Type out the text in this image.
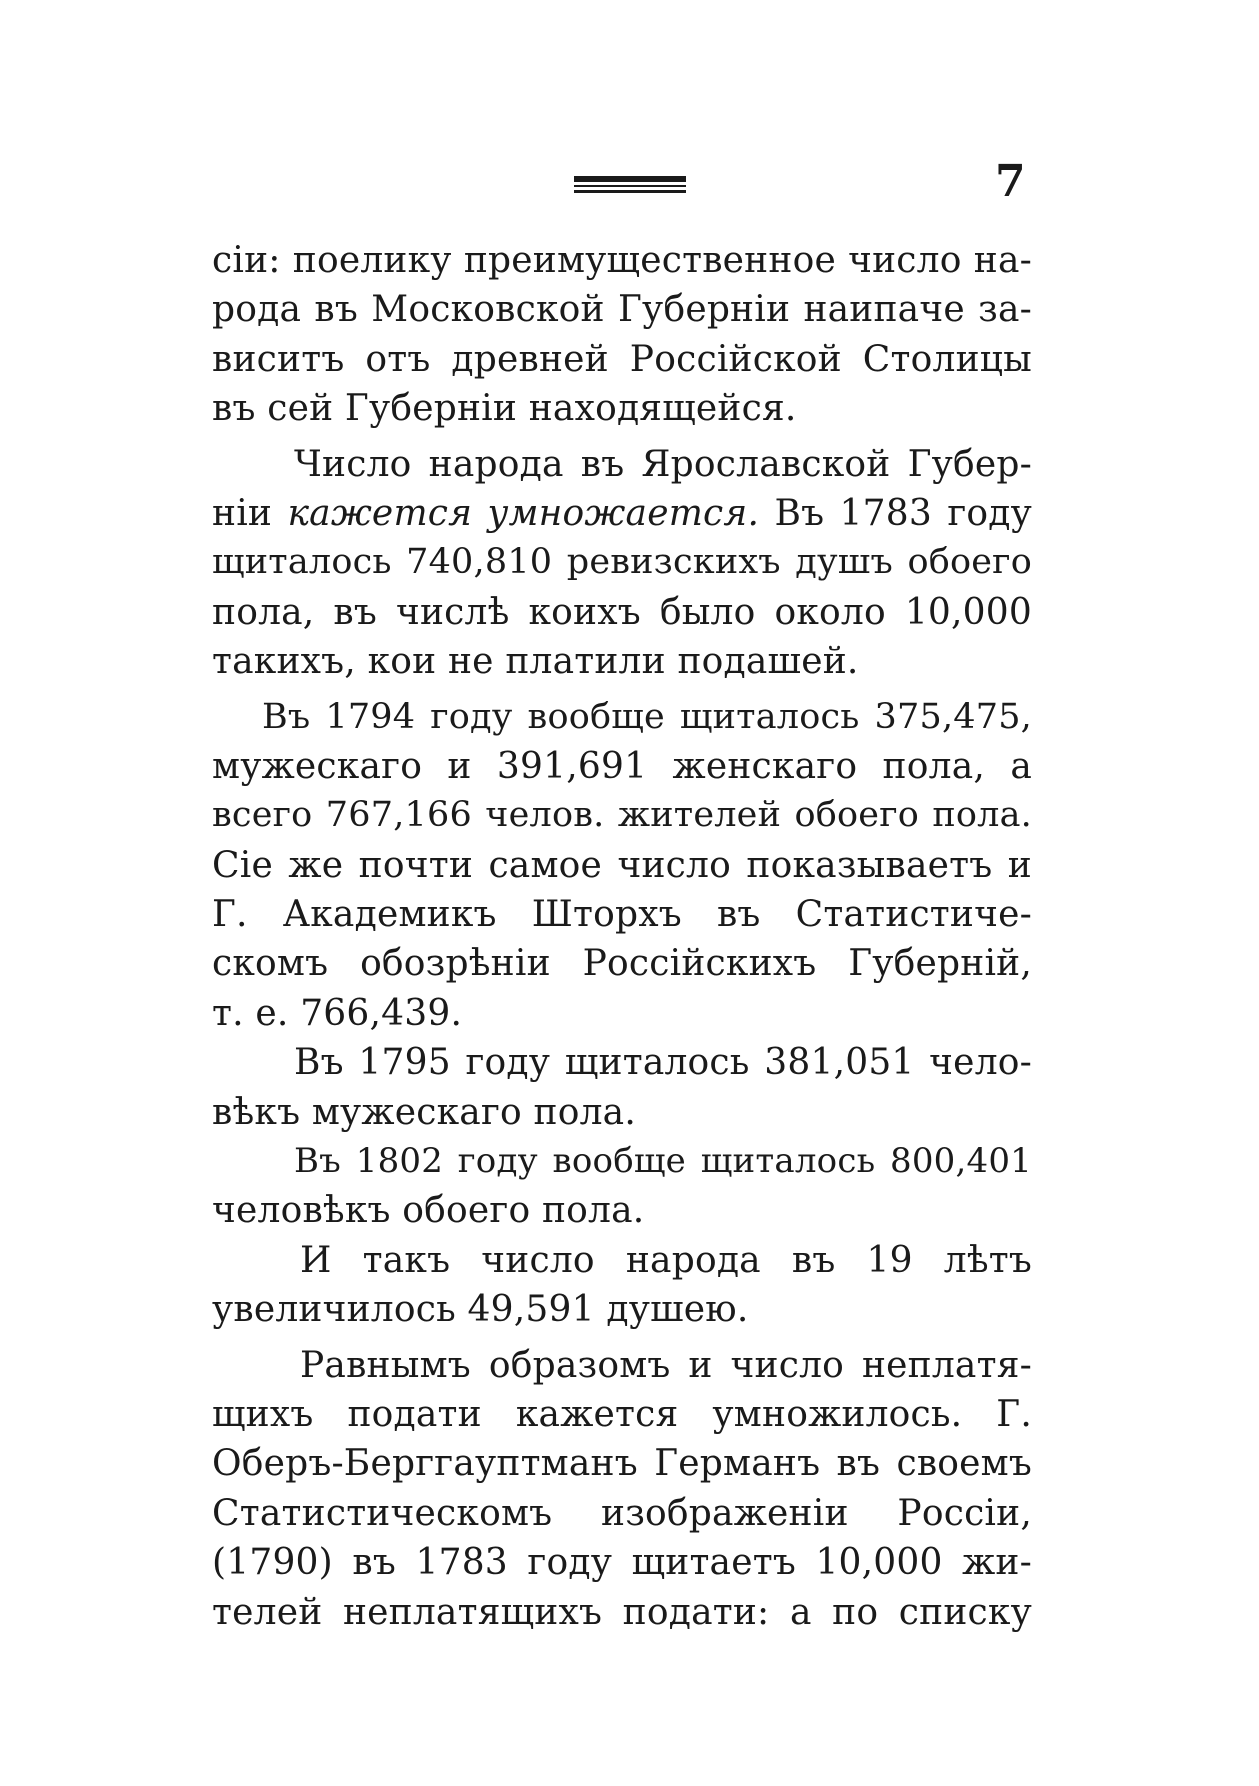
7
сіи: поелику преимущественное число на-
рода въ Московской Губерніи наипаче за-
виситъ отъ древней Россійской Столицы
въ сей Губерніи находящейся.
Число народа въ Ярославской Губер-
ніи кажется умножается. Въ 1783 году
щиталось 740,810 ревизскихъ душъ обоего
пола, въ числѣ коихъ было около 10,000
такихъ, кои не платили подашей.
Въ 1794 году вообще щиталось 375,475,
мужескаго и 391,691 женскаго пола, а
всего 767,166 челов. жителей обоего пола.
Сіе же почти самое число показываетъ и
Г. Академикъ Шторхъ въ Статистиче-
скомъ обозрѣніи Россійскихъ Губерній,
т. е. 766,439.
Въ 1795 году щиталось 381,051 чело-
вѣкъ мужескаго пола.
Въ 1802 году вообще щиталось 800,401
человѣкъ обоего пола.
И такъ число народа въ 19 лѣтъ
увеличилось 49,591 душею.
Равнымъ образомъ и число неплатя-
щихъ подати кажется умножилось. Г.
Оберъ-Берггауптманъ Германъ въ своемъ
Статистическомъ изображеніи Россіи,
(1790) въ 1783 году щитаетъ 10,000 жи-
телей неплатящихъ подати: а по списку
